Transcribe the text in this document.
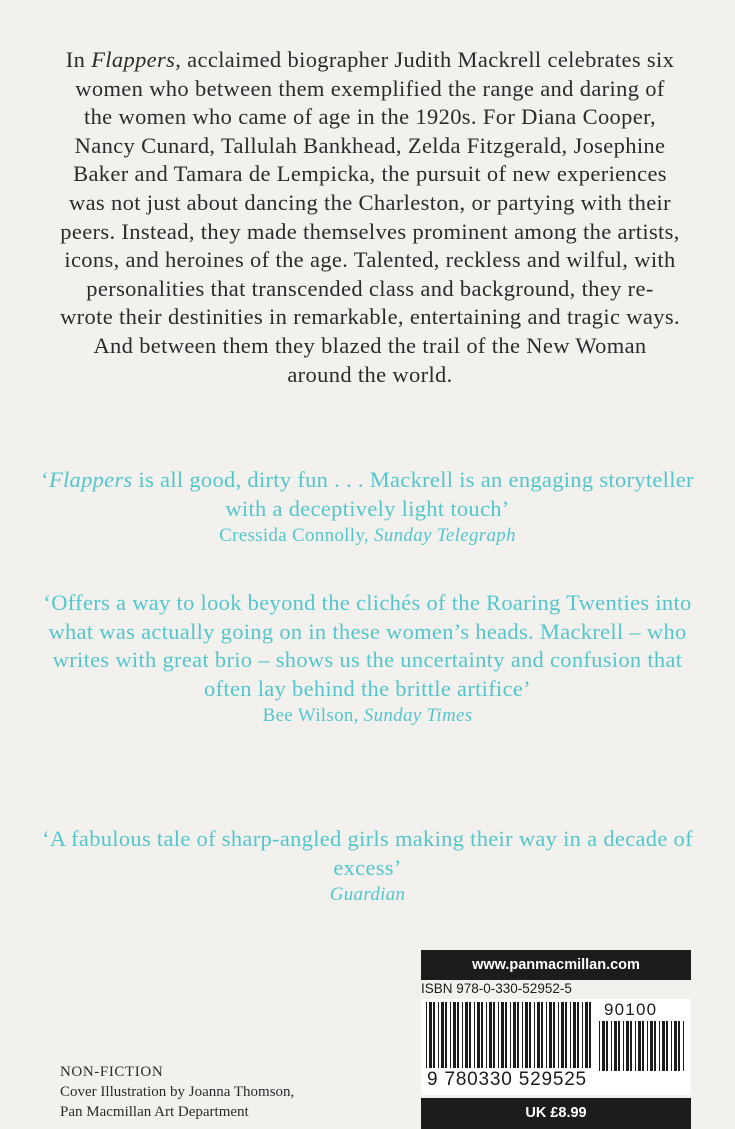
In Flappers, acclaimed biographer Judith Mackrell celebrates six women who between them exemplified the range and daring of the women who came of age in the 1920s. For Diana Cooper, Nancy Cunard, Tallulah Bankhead, Zelda Fitzgerald, Josephine Baker and Tamara de Lempicka, the pursuit of new experiences was not just about dancing the Charleston, or partying with their peers. Instead, they made themselves prominent among the artists, icons, and heroines of the age. Talented, reckless and wilful, with personalities that transcended class and background, they re-wrote their destinities in remarkable, entertaining and tragic ways. And between them they blazed the trail of the New Woman around the world.

‘Flappers is all good, dirty fun . . . Mackrell is an engaging storyteller with a deceptively light touch’
Cressida Connolly, Sunday Telegraph
‘Offers a way to look beyond the clichés of the Roaring Twenties into what was actually going on in these women’s heads. Mackrell – who writes with great brio – shows us the uncertainty and confusion that often lay behind the brittle artifice’
Bee Wilson, Sunday Times
‘A fabulous tale of sharp-angled girls making their way in a decade of excess’
Guardian
NON-FICTION
Cover Illustration by Joanna Thomson,
Pan Macmillan Art Department
www.panmacmillan.com
ISBN 978-0-330-52952-5
9 780330 529525
90100
UK £8.99
